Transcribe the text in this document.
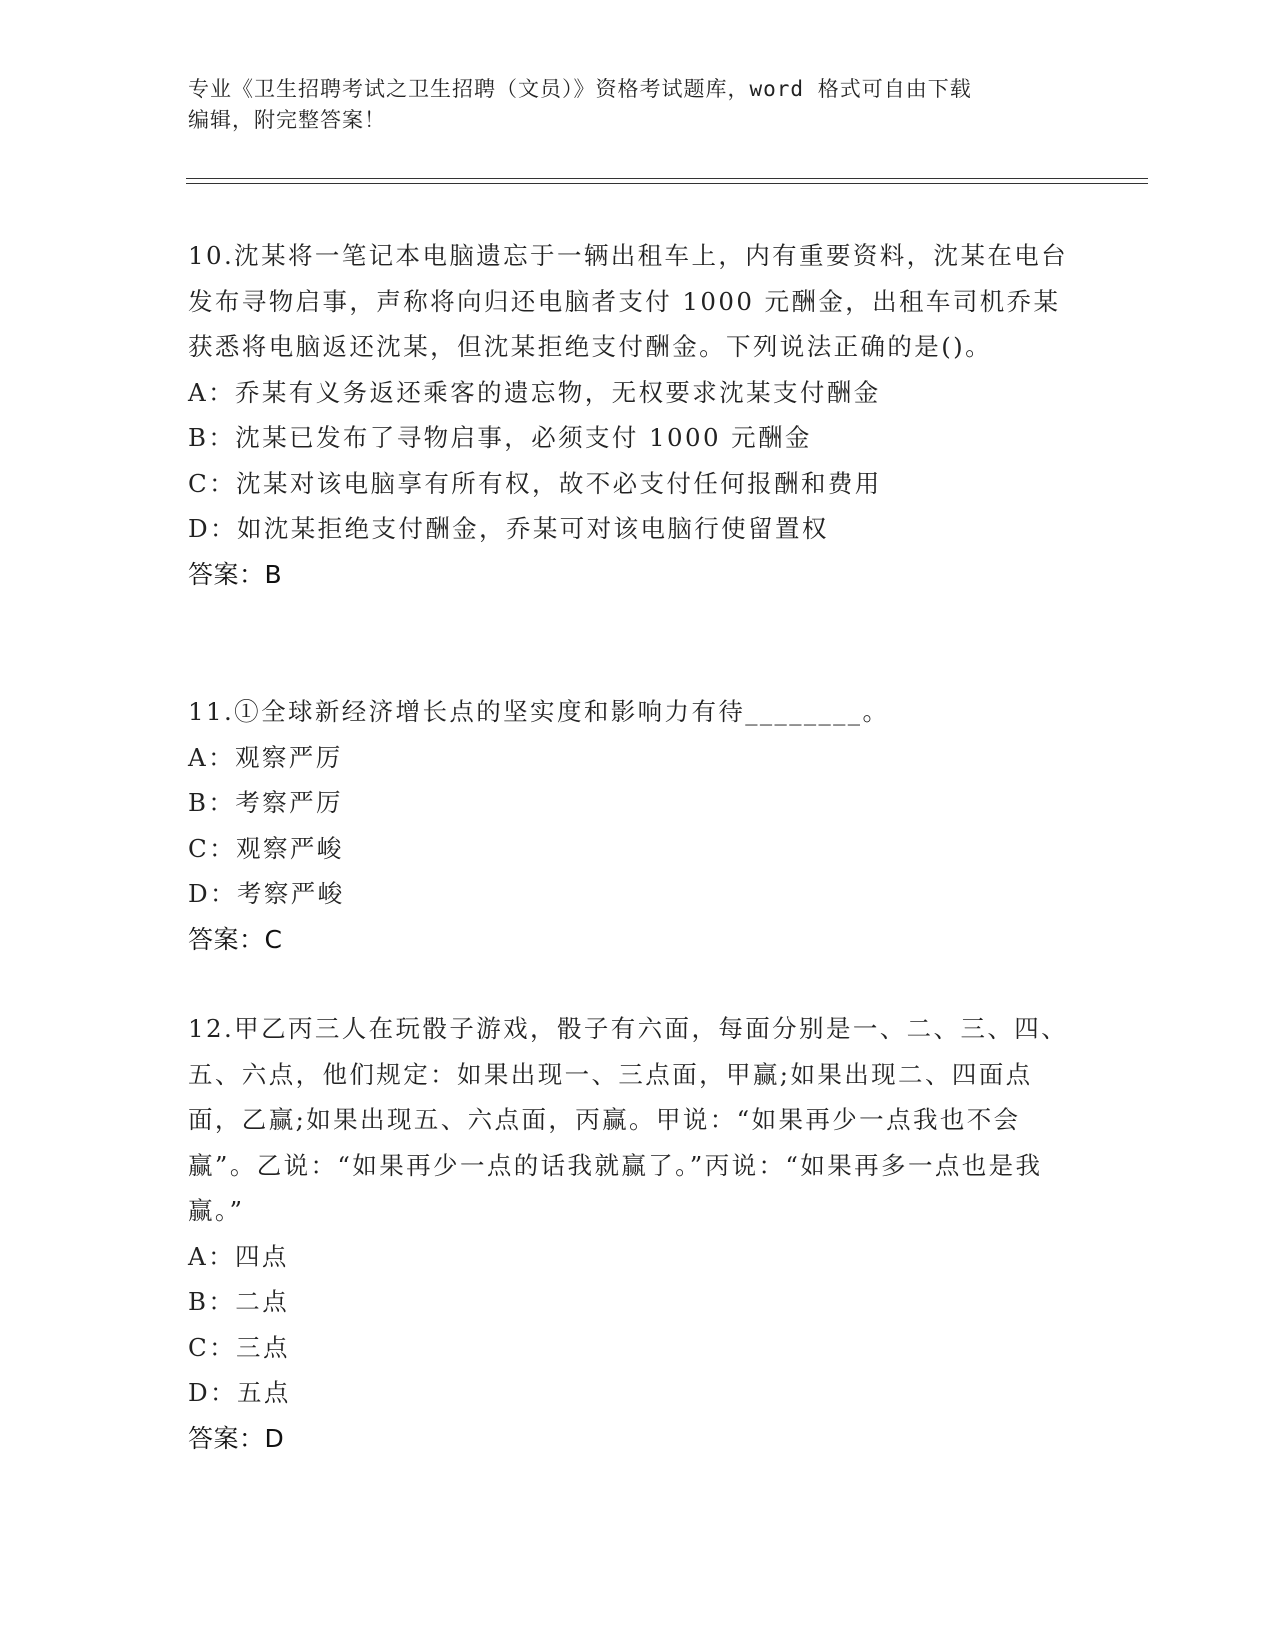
专业《卫生招聘考试之卫生招聘（文员）》资格考试题库，word 格式可自由下载
编辑，附完整答案！

10.沈某将一笔记本电脑遗忘于一辆出租车上，内有重要资料，沈某在电台发布寻物启事，声称将向归还电脑者支付 1000 元酬金，出租车司机乔某获悉将电脑返还沈某，但沈某拒绝支付酬金。下列说法正确的是()。

A：乔某有义务返还乘客的遗忘物，无权要求沈某支付酬金

B：沈某已发布了寻物启事，必须支付 1000 元酬金

C：沈某对该电脑享有所有权，故不必支付任何报酬和费用

D：如沈某拒绝支付酬金，乔某可对该电脑行使留置权

答案：B

11.①全球新经济增长点的坚实度和影响力有待________。

A：观察严厉

B：考察严厉

C：观察严峻

D：考察严峻

答案：C

12.甲乙丙三人在玩骰子游戏，骰子有六面，每面分别是一、二、三、四、五、六点，他们规定：如果出现一、三点面，甲赢;如果出现二、四面点面，乙赢;如果出现五、六点面，丙赢。甲说：“如果再少一点我也不会赢”。乙说：“如果再少一点的话我就赢了。”丙说：“如果再多一点也是我赢。”

A：四点

B：二点

C：三点

D：五点

答案：D
